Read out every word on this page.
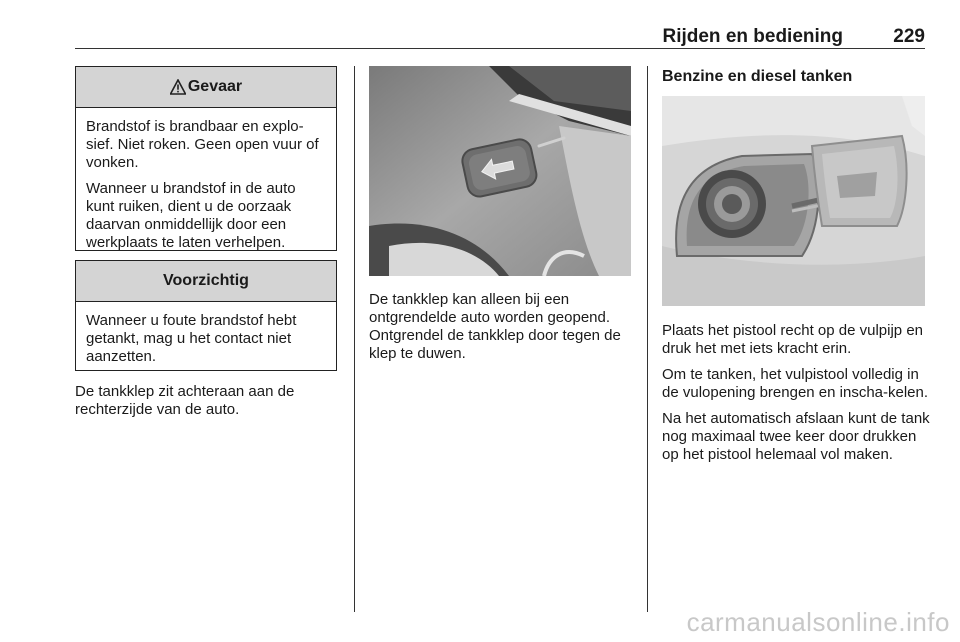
Rijden en bediening	229
Gevaar

Brandstof is brandbaar en explo-sief. Niet roken. Geen open vuur of vonken.

Wanneer u brandstof in de auto kunt ruiken, dient u de oorzaak daarvan onmiddellijk door een werkplaats te laten verhelpen.

Voorzichtig

Wanneer u foute brandstof hebt getankt, mag u het contact niet aanzetten.

De tankklep zit achteraan aan de rechterzijde van de auto.

De tankklep kan alleen bij een ontgrendelde auto worden geopend. Ontgrendel de tankklep door tegen de klep te duwen.

Benzine en diesel tanken

Plaats het pistool recht op de vulpijp en druk het met iets kracht erin.

Om te tanken, het vulpistool volledig in de vulopening brengen en inscha-kelen.

Na het automatisch afslaan kunt de tank nog maximaal twee keer door drukken op het pistool helemaal vol maken.

carmanualsonline.info
